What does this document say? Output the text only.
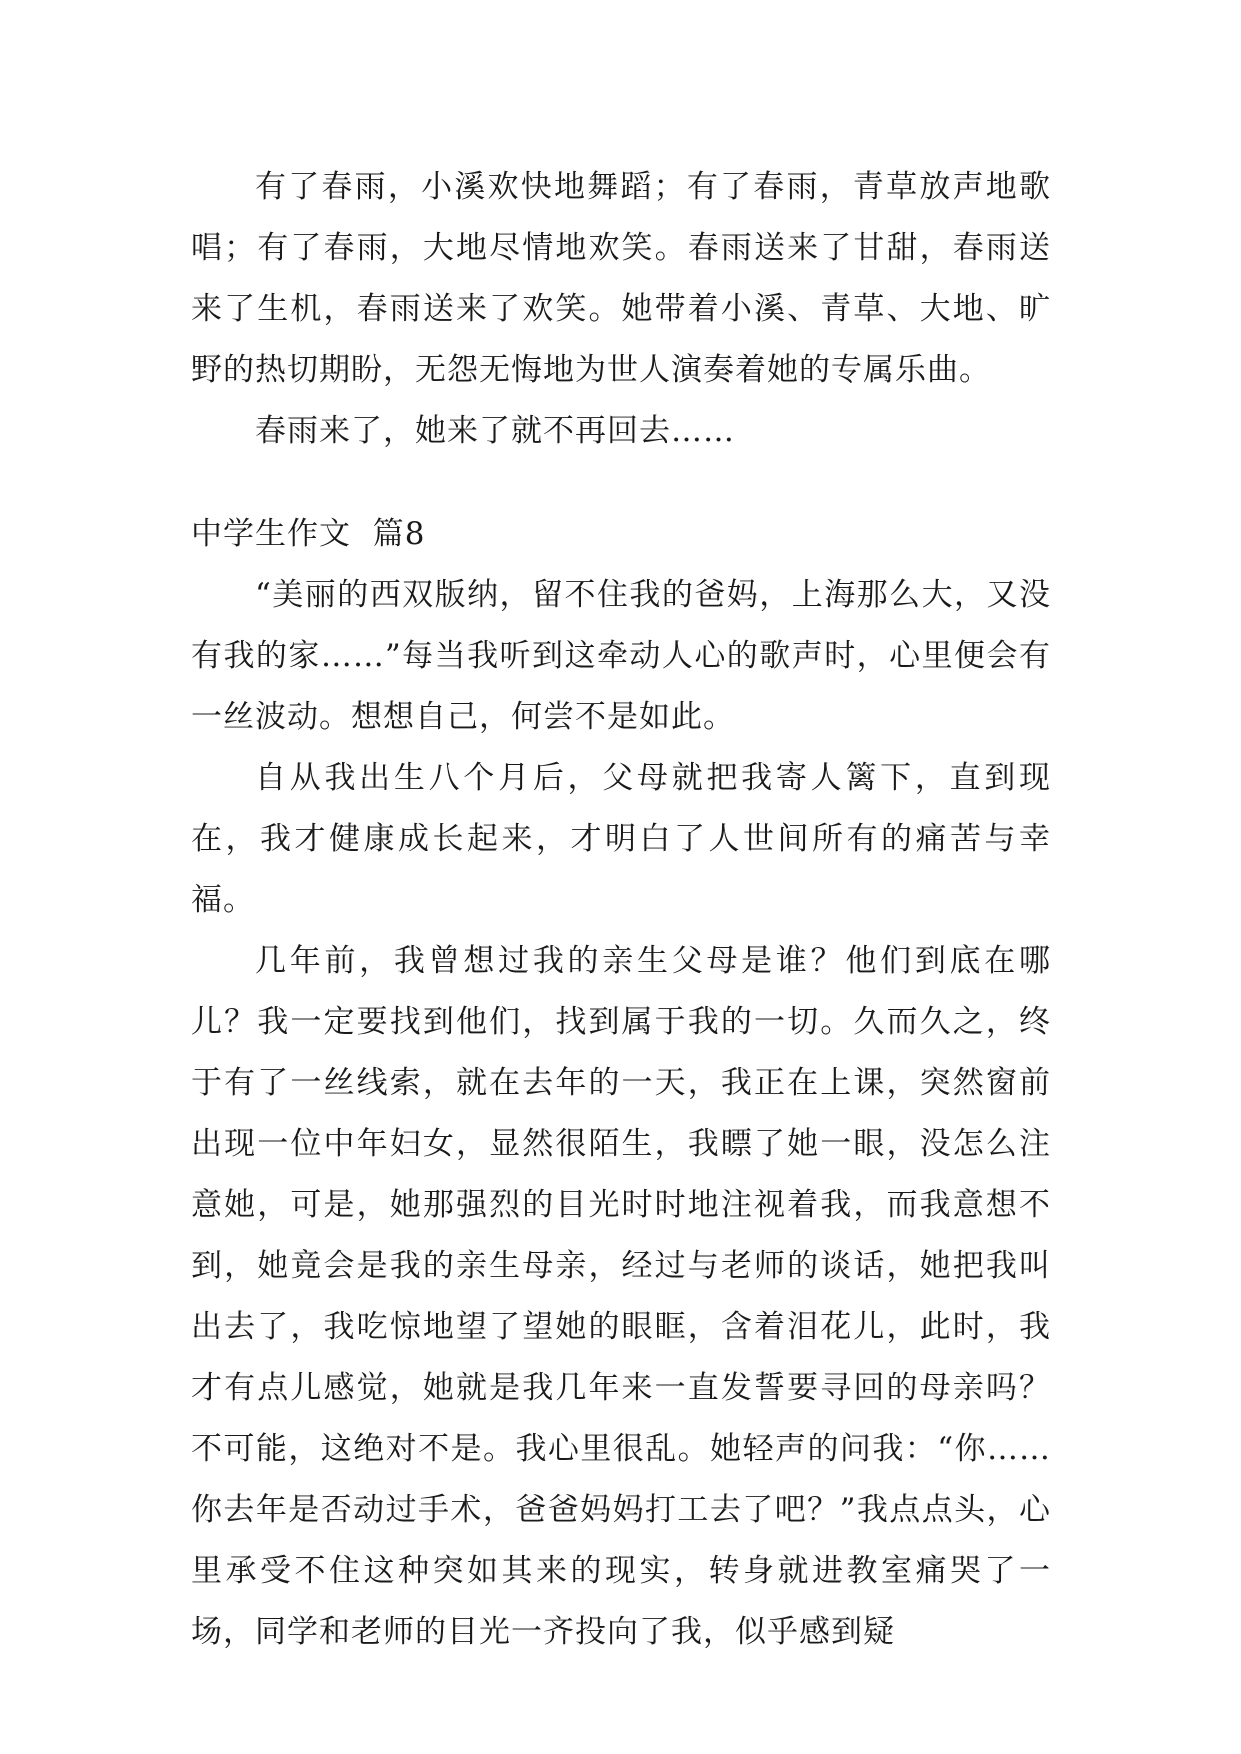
有了春雨，小溪欢快地舞蹈；有了春雨，青草放声地歌唱；有了春雨，大地尽情地欢笑。春雨送来了甘甜，春雨送来了生机，春雨送来了欢笑。她带着小溪、青草、大地、旷野的热切期盼，无怨无悔地为世人演奏着她的专属乐曲。

春雨来了，她来了就不再回去……

中学生作文  篇8

“美丽的西双版纳，留不住我的爸妈，上海那么大，又没有我的家……”每当我听到这牵动人心的歌声时，心里便会有一丝波动。想想自己，何尝不是如此。

自从我出生八个月后，父母就把我寄人篱下，直到现在，我才健康成长起来，才明白了人世间所有的痛苦与幸福。

几年前，我曾想过我的亲生父母是谁？他们到底在哪儿？我一定要找到他们，找到属于我的一切。久而久之，终于有了一丝线索，就在去年的一天，我正在上课，突然窗前出现一位中年妇女，显然很陌生，我瞟了她一眼，没怎么注意她，可是，她那强烈的目光时时地注视着我，而我意想不到，她竟会是我的亲生母亲，经过与老师的谈话，她把我叫出去了，我吃惊地望了望她的眼眶，含着泪花儿，此时，我才有点儿感觉，她就是我几年来一直发誓要寻回的母亲吗？不可能，这绝对不是。我心里很乱。她轻声的问我：“你……你去年是否动过手术，爸爸妈妈打工去了吧？”我点点头，心里承受不住这种突如其来的现实，转身就进教室痛哭了一场，同学和老师的目光一齐投向了我，似乎感到疑
